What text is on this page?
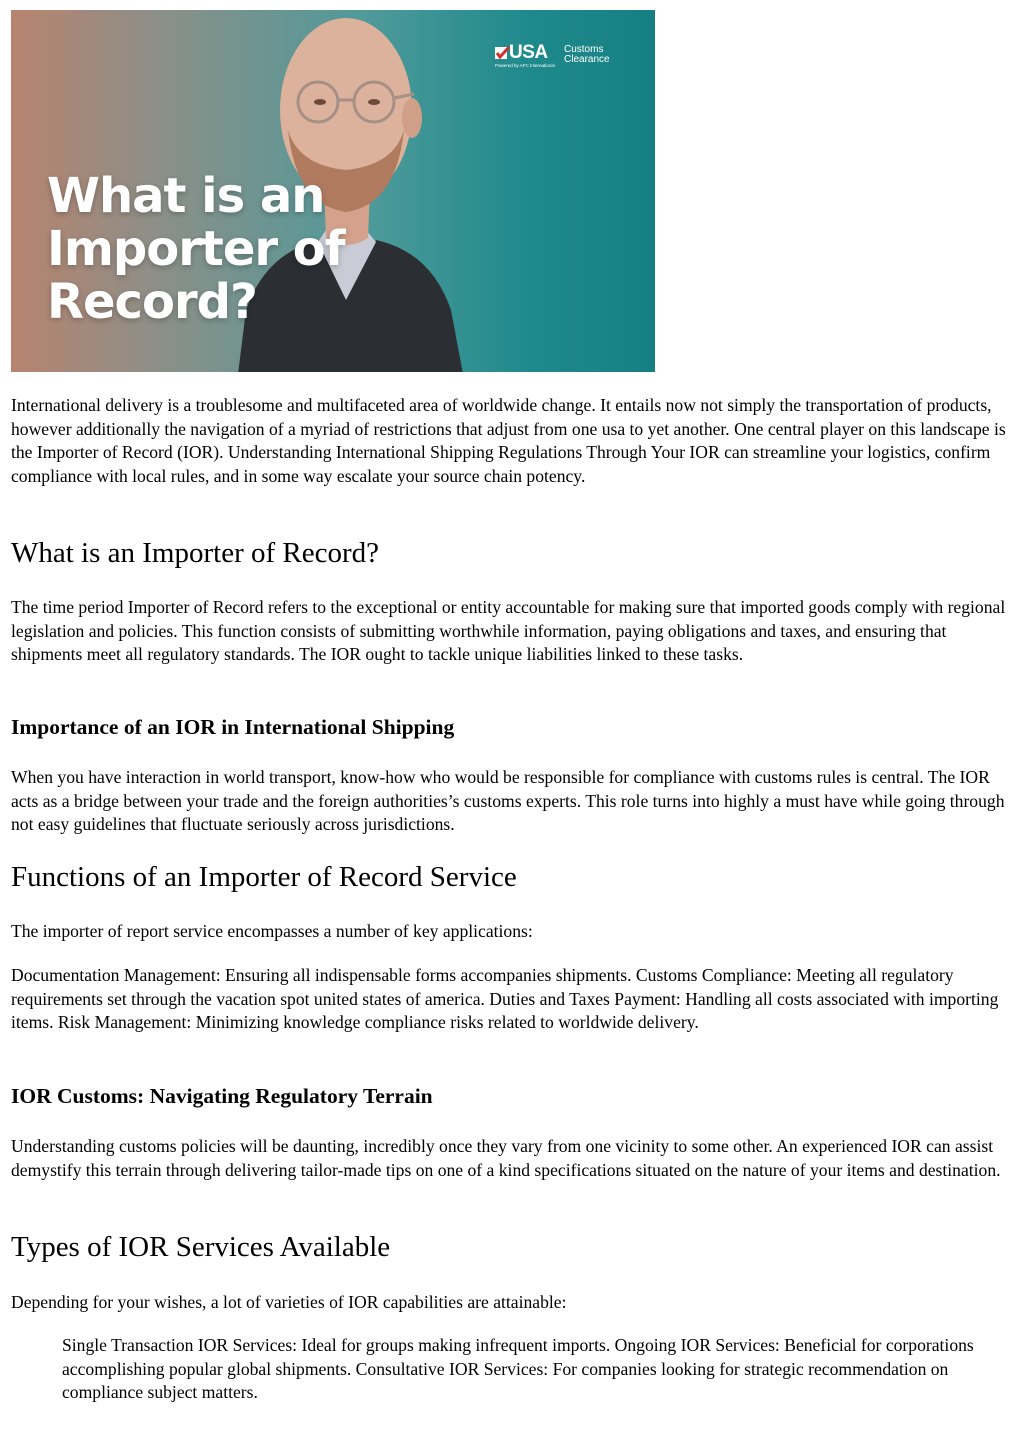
What is an
Importer of
Record?
USA Customs
Clearance
Powered by AFC International

International delivery is a troublesome and multifaceted area of worldwide change. It entails now not simply the transportation of products, however additionally the navigation of a myriad of restrictions that adjust from one usa to yet another. One central player on this landscape is the Importer of Record (IOR). Understanding International Shipping Regulations Through Your IOR can streamline your logistics, confirm compliance with local rules, and in some way escalate your source chain potency.

What is an Importer of Record?

The time period Importer of Record refers to the exceptional or entity accountable for making sure that imported goods comply with regional legislation and policies. This function consists of submitting worthwhile information, paying obligations and taxes, and ensuring that shipments meet all regulatory standards. The IOR ought to tackle unique liabilities linked to these tasks.

Importance of an IOR in International Shipping

When you have interaction in world transport, know-how who would be responsible for compliance with customs rules is central. The IOR acts as a bridge between your trade and the foreign authorities’s customs experts. This role turns into highly a must have while going through not easy guidelines that fluctuate seriously across jurisdictions.

Functions of an Importer of Record Service

The importer of report service encompasses a number of key applications:

Documentation Management: Ensuring all indispensable forms accompanies shipments. Customs Compliance: Meeting all regulatory requirements set through the vacation spot united states of america. Duties and Taxes Payment: Handling all costs associated with importing items. Risk Management: Minimizing knowledge compliance risks related to worldwide delivery.

IOR Customs: Navigating Regulatory Terrain

Understanding customs policies will be daunting, incredibly once they vary from one vicinity to some other. An experienced IOR can assist demystify this terrain through delivering tailor-made tips on one of a kind specifications situated on the nature of your items and destination.

Types of IOR Services Available

Depending for your wishes, a lot of varieties of IOR capabilities are attainable:

Single Transaction IOR Services: Ideal for groups making infrequent imports. Ongoing IOR Services: Beneficial for corporations accomplishing popular global shipments. Consultative IOR Services: For companies looking for strategic recommendation on compliance subject matters.
